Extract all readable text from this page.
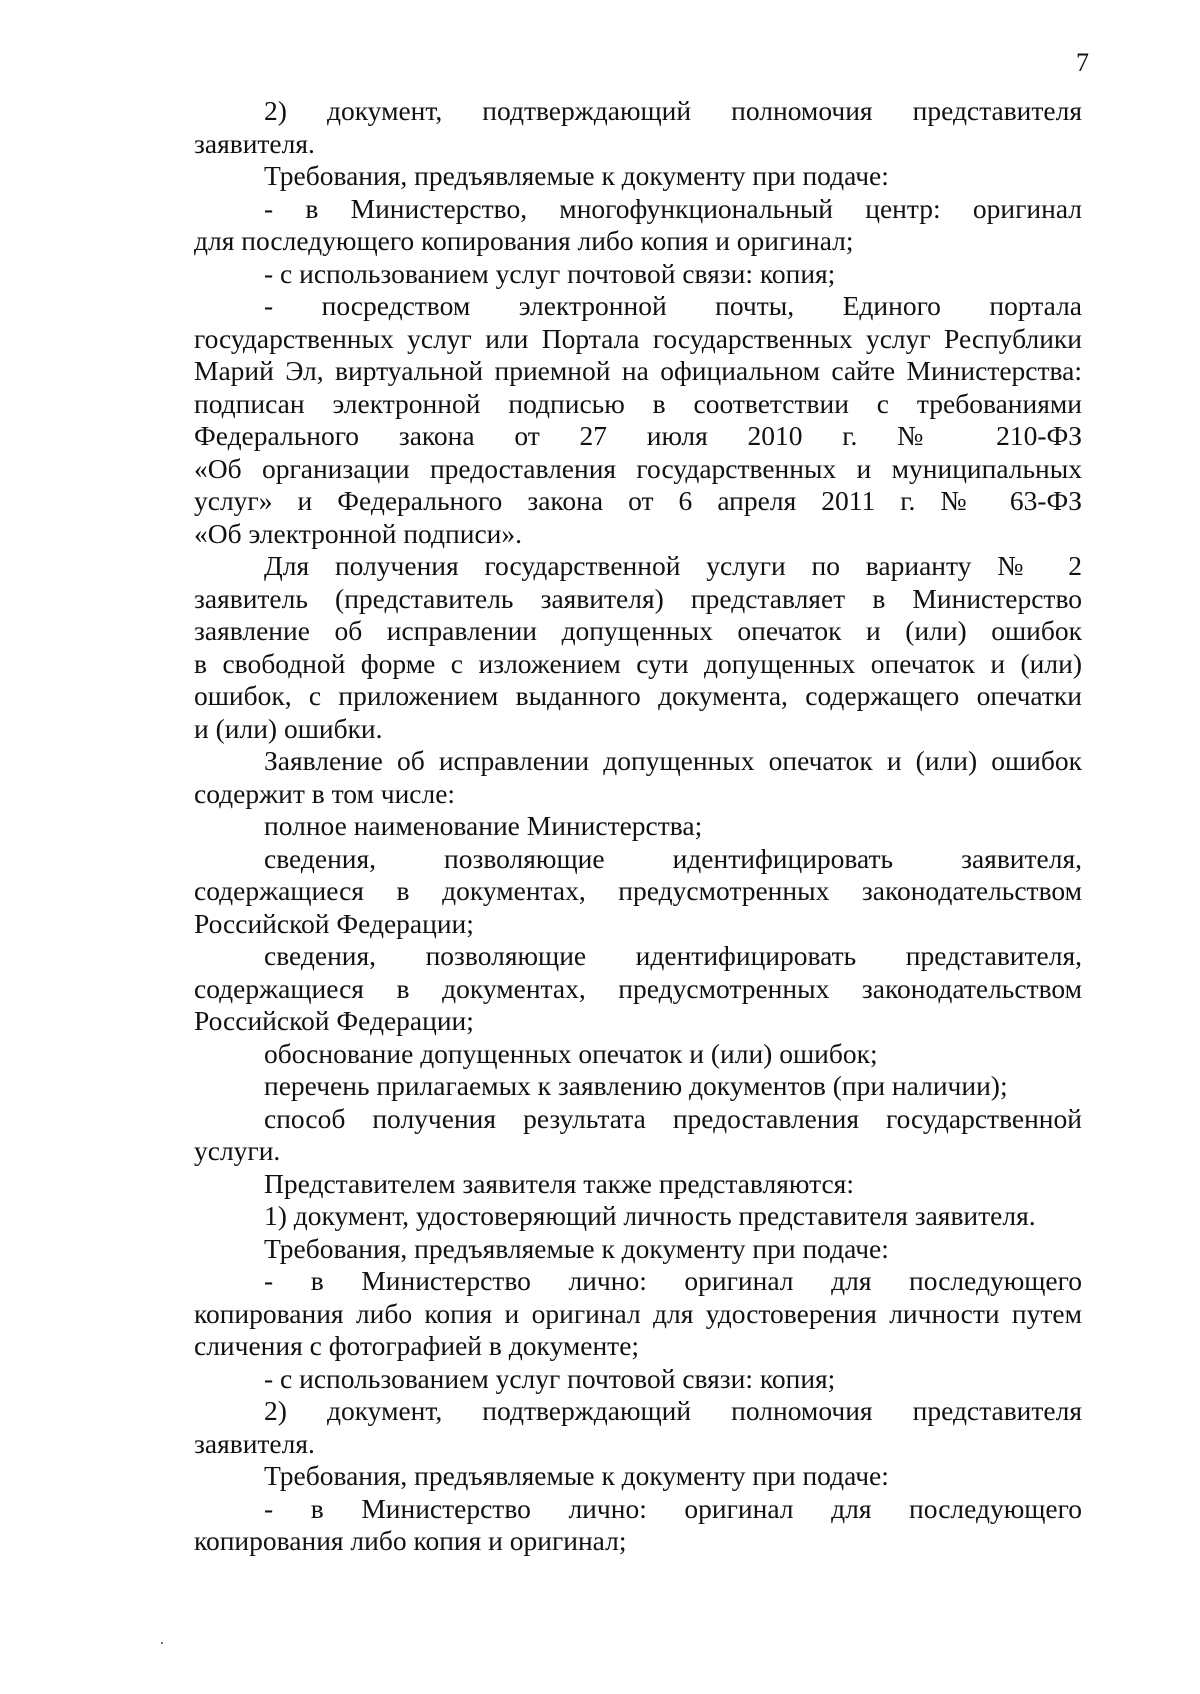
7
2) документ, подтверждающий полномочия представителя
заявителя.
Требования, предъявляемые к документу при подаче:
- в Министерство, многофункциональный центр: оригинал
для последующего копирования либо копия и оригинал;
- с использованием услуг почтовой связи: копия;
- посредством электронной почты, Единого портала
государственных услуг или Портала государственных услуг Республики
Марий Эл, виртуальной приемной на официальном сайте Министерства:
подписан электронной подписью в соответствии с требованиями
Федерального закона от 27 июля 2010 г. № 210-ФЗ
«Об организации предоставления государственных и муниципальных
услуг» и Федерального закона от 6 апреля 2011 г. № 63-ФЗ
«Об электронной подписи».
Для получения государственной услуги по варианту № 2
заявитель (представитель заявителя) представляет в Министерство
заявление об исправлении допущенных опечаток и (или) ошибок
в свободной форме с изложением сути допущенных опечаток и (или)
ошибок, с приложением выданного документа, содержащего опечатки
и (или) ошибки.
Заявление об исправлении допущенных опечаток и (или) ошибок
содержит в том числе:
полное наименование Министерства;
сведения, позволяющие идентифицировать заявителя,
содержащиеся в документах, предусмотренных законодательством
Российской Федерации;
сведения, позволяющие идентифицировать представителя,
содержащиеся в документах, предусмотренных законодательством
Российской Федерации;
обоснование допущенных опечаток и (или) ошибок;
перечень прилагаемых к заявлению документов (при наличии);
способ получения результата предоставления государственной
услуги.
Представителем заявителя также представляются:
1) документ, удостоверяющий личность представителя заявителя.
Требования, предъявляемые к документу при подаче:
- в Министерство лично: оригинал для последующего
копирования либо копия и оригинал для удостоверения личности путем
сличения с фотографией в документе;
- с использованием услуг почтовой связи: копия;
2) документ, подтверждающий полномочия представителя
заявителя.
Требования, предъявляемые к документу при подаче:
- в Министерство лично: оригинал для последующего
копирования либо копия и оригинал;
